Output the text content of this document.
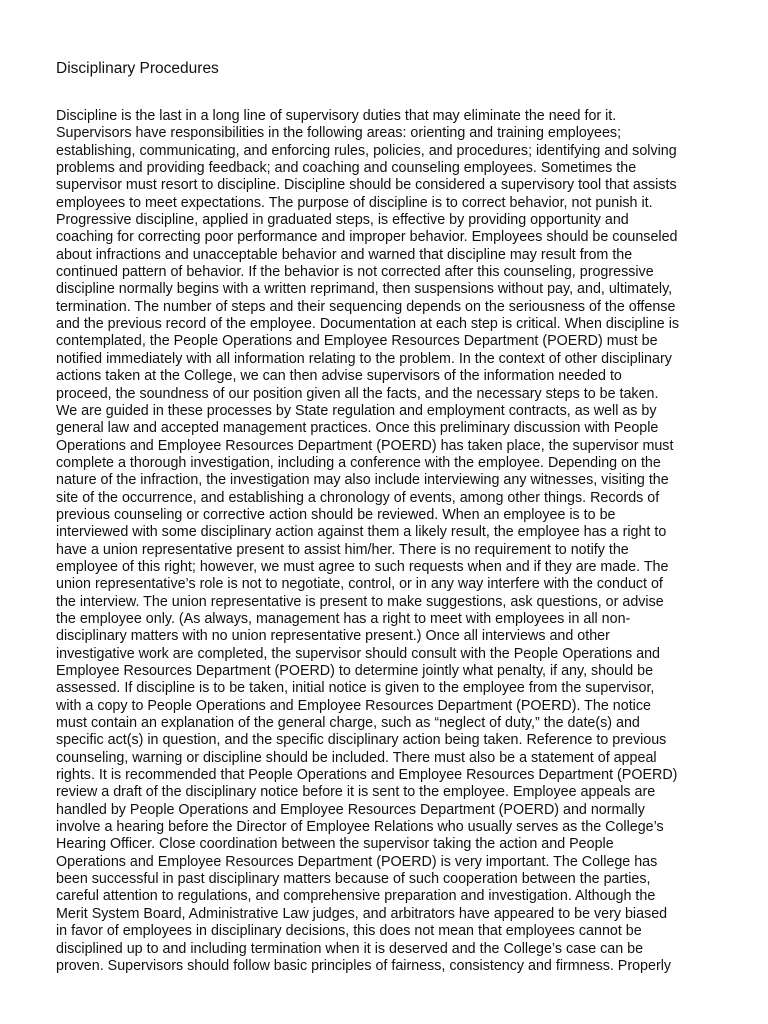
Disciplinary Procedures
Discipline is the last in a long line of supervisory duties that may eliminate the need for it.
Supervisors have responsibilities in the following areas: orienting and training employees;
establishing, communicating, and enforcing rules, policies, and procedures; identifying and solving
problems and providing feedback; and coaching and counseling employees. Sometimes the
supervisor must resort to discipline. Discipline should be considered a supervisory tool that assists
employees to meet expectations. The purpose of discipline is to correct behavior, not punish it.
Progressive discipline, applied in graduated steps, is effective by providing opportunity and
coaching for correcting poor performance and improper behavior. Employees should be counseled
about infractions and unacceptable behavior and warned that discipline may result from the
continued pattern of behavior. If the behavior is not corrected after this counseling, progressive
discipline normally begins with a written reprimand, then suspensions without pay, and, ultimately,
termination. The number of steps and their sequencing depends on the seriousness of the offense
and the previous record of the employee. Documentation at each step is critical. When discipline is
contemplated, the People Operations and Employee Resources Department (POERD) must be
notified immediately with all information relating to the problem. In the context of other disciplinary
actions taken at the College, we can then advise supervisors of the information needed to
proceed, the soundness of our position given all the facts, and the necessary steps to be taken.
We are guided in these processes by State regulation and employment contracts, as well as by
general law and accepted management practices. Once this preliminary discussion with People
Operations and Employee Resources Department (POERD) has taken place, the supervisor must
complete a thorough investigation, including a conference with the employee. Depending on the
nature of the infraction, the investigation may also include interviewing any witnesses, visiting the
site of the occurrence, and establishing a chronology of events, among other things. Records of
previous counseling or corrective action should be reviewed. When an employee is to be
interviewed with some disciplinary action against them a likely result, the employee has a right to
have a union representative present to assist him/her. There is no requirement to notify the
employee of this right; however, we must agree to such requests when and if they are made. The
union representative’s role is not to negotiate, control, or in any way interfere with the conduct of
the interview. The union representative is present to make suggestions, ask questions, or advise
the employee only. (As always, management has a right to meet with employees in all non-
disciplinary matters with no union representative present.) Once all interviews and other
investigative work are completed, the supervisor should consult with the People Operations and
Employee Resources Department (POERD) to determine jointly what penalty, if any, should be
assessed. If discipline is to be taken, initial notice is given to the employee from the supervisor,
with a copy to People Operations and Employee Resources Department (POERD). The notice
must contain an explanation of the general charge, such as “neglect of duty,” the date(s) and
specific act(s) in question, and the specific disciplinary action being taken. Reference to previous
counseling, warning or discipline should be included. There must also be a statement of appeal
rights. It is recommended that People Operations and Employee Resources Department (POERD)
review a draft of the disciplinary notice before it is sent to the employee. Employee appeals are
handled by People Operations and Employee Resources Department (POERD) and normally
involve a hearing before the Director of Employee Relations who usually serves as the College’s
Hearing Officer. Close coordination between the supervisor taking the action and People
Operations and Employee Resources Department (POERD) is very important. The College has
been successful in past disciplinary matters because of such cooperation between the parties,
careful attention to regulations, and comprehensive preparation and investigation. Although the
Merit System Board, Administrative Law judges, and arbitrators have appeared to be very biased
in favor of employees in disciplinary decisions, this does not mean that employees cannot be
disciplined up to and including termination when it is deserved and the College’s case can be
proven. Supervisors should follow basic principles of fairness, consistency and firmness. Properly
